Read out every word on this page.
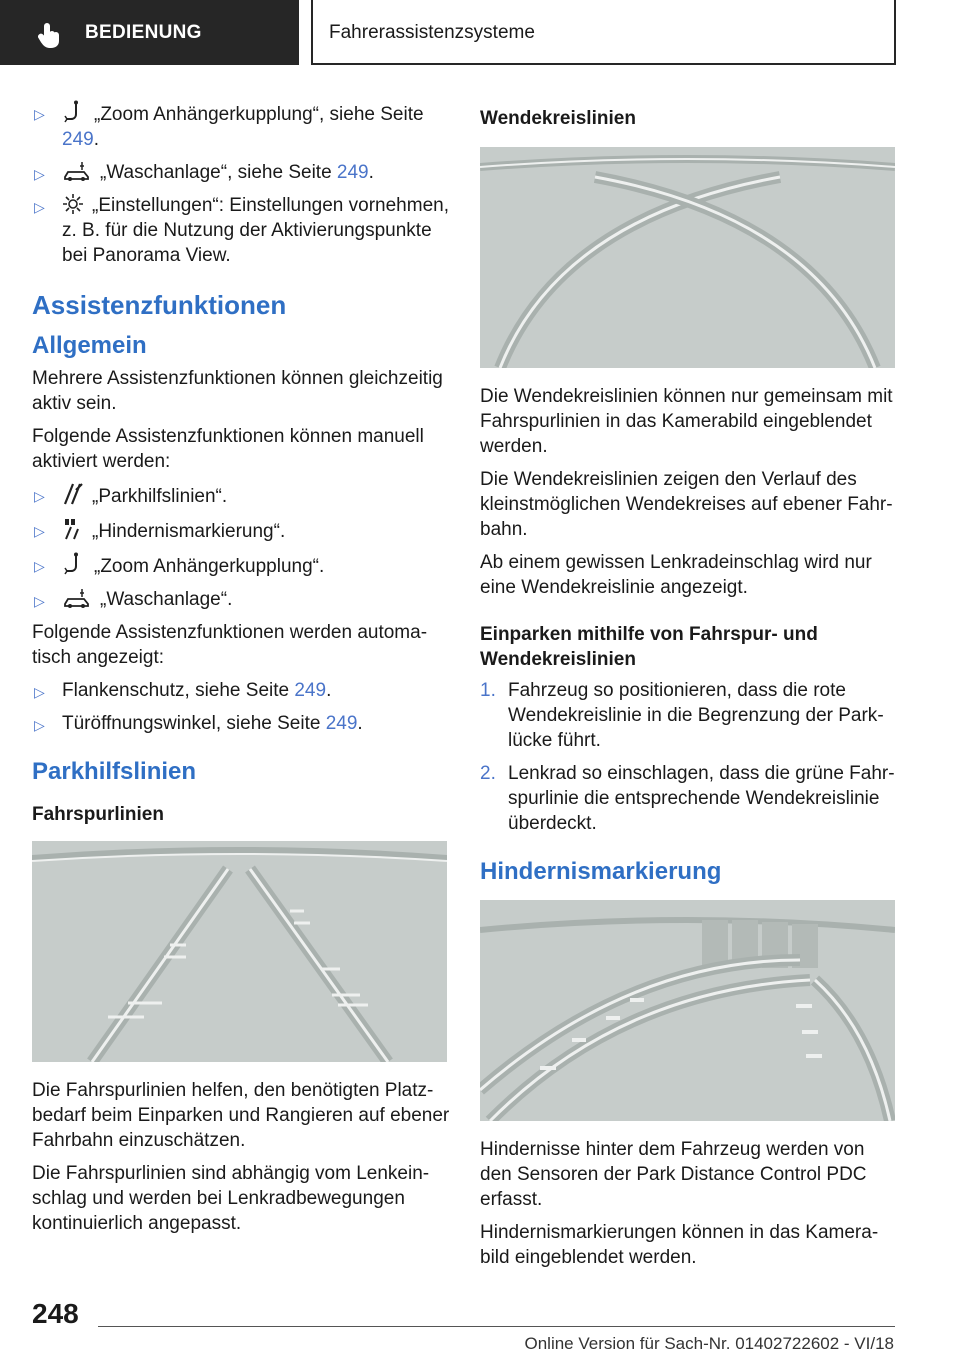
BEDIENUNG	Fahrerassistenzsysteme
▷	„Zoom Anhängerkupplung“, siehe Seite 249.
▷	„Waschanlage“, siehe Seite 249.
▷ „Einstellungen“: Einstellungen vornehmen, z. B. für die Nutzung der Aktivierungspunkte bei Panorama View.
Assistenzfunktionen
Allgemein

Mehrere Assistenzfunktionen können gleichzeitig aktiv sein.

Folgende Assistenzfunktionen können manuell aktiviert werden:

▷ „Parkhilfslinien“.
▷ „Hindernismarkierung“.
▷	„Zoom Anhängerkupplung“.
▷	„Waschanlage“.

Folgende Assistenzfunktionen werden automatisch angezeigt:

▷ Flankenschutz, siehe Seite 249.
▷ Türöffnungswinkel, siehe Seite 249.
Parkhilfslinien
Fahrspurlinien

Die Fahrspurlinien helfen, den benötigten Platzbedarf beim Einparken und Rangieren auf ebener Fahrbahn einzuschätzen.

Die Fahrspurlinien sind abhängig vom Lenkeinschlag und werden bei Lenkradbewegungen kontinuierlich angepasst.

Wendekreislinien

Die Wendekreislinien können nur gemeinsam mit Fahrspurlinien in das Kamerabild eingeblendet werden.

Die Wendekreislinien zeigen den Verlauf des kleinstmöglichen Wendekreises auf ebener Fahrbahn.

Ab einem gewissen Lenkradeinschlag wird nur eine Wendekreislinie angezeigt.

Einparken mithilfe von Fahrspur- und Wendekreislinien
1. Fahrzeug so positionieren, dass die rote Wendekreislinie in die Begrenzung der Parklücke führt.
2. Lenkrad so einschlagen, dass die grüne Fahrspurlinie die entsprechende Wendekreislinie überdeckt.
Hindernismarkierung

Hindernisse hinter dem Fahrzeug werden von den Sensoren der Park Distance Control PDC erfasst.

Hindernismarkierungen können in das Kamerabild eingeblendet werden.

248
Online Version für Sach-Nr. 01402722602 - VI/18
